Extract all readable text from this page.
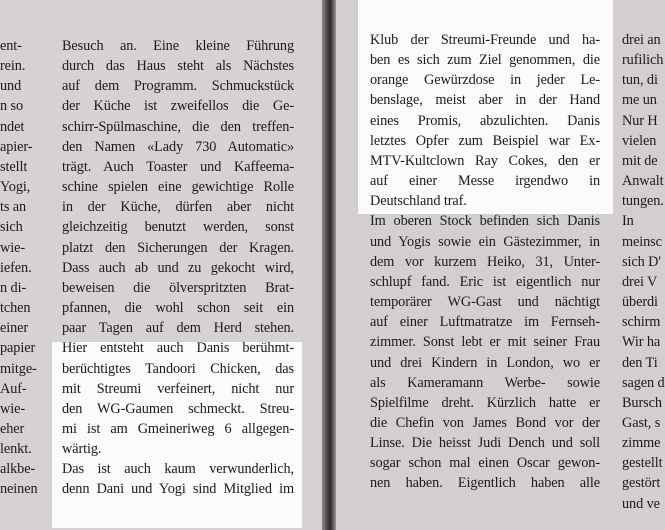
ent-
rein.
und
n so
ndet
apier-
stellt
Yogi,
ts an
sich
wie-
iefen.
n di-
tchen
einer
papier
mitge-
Auf-
wie-
eher
lenkt.
alkbe-
neinen
Besuch an. Eine kleine Führung
durch das Haus steht als Nächstes
auf dem Programm. Schmuckstück
der Küche ist zweifellos die Ge-
schirr-Spülmaschine, die den treffen-
den Namen «Lady 730 Automatic»
trägt. Auch Toaster und Kaffeema-
schine spielen eine gewichtige Rolle
in der Küche, dürfen aber nicht
gleichzeitig benutzt werden, sonst
platzt den Sicherungen der Kragen.
Dass auch ab und zu gekocht wird,
beweisen die ölverspritzten Brat-
pfannen, die wohl schon seit ein
paar Tagen auf dem Herd stehen.
Hier entsteht auch Danis berühmt-
berüchtigtes Tandoori Chicken, das
mit Streumi verfeinert, nicht nur
den WG-Gaumen schmeckt. Streu-
mi ist am Gmeineriweg 6 allgegen-
wärtig.
Das ist auch kaum verwunderlich,
denn Dani und Yogi sind Mitglied im
Klub der Streumi-Freunde und ha-
ben es sich zum Ziel genommen, die
orange Gewürzdose in jeder Le-
benslage, meist aber in der Hand
eines Promis, abzulichten. Danis
letztes Opfer zum Beispiel war Ex-
MTV-Kultclown Ray Cokes, den er
auf einer Messe irgendwo in
Deutschland traf.
Im oberen Stock befinden sich Danis
und Yogis sowie ein Gästezimmer, in
dem vor kurzem Heiko, 31, Unter-
schlupf fand. Eric ist eigentlich nur
temporärer WG-Gast und nächtigt
auf einer Luftmatratze im Fernseh-
zimmer. Sonst lebt er mit seiner Frau
und drei Kindern in London, wo er
als Kameramann Werbe- sowie
Spielfilme dreht. Kürzlich hatte er
die Chefin von James Bond vor der
Linse. Die heisst Judi Dench und soll
sogar schon mal einen Oscar gewon-
nen haben. Eigentlich haben alle
drei an
rufilich
tun, di
me un
Nur H
vielen
mit de
Anwalt
tungen.
In
meinsc
sich D'
drei V
überdi
schirm
Wir ha
den Ti
sagen d
Bursch
Gast, s
zimme
gestellt
gestört
und ve
